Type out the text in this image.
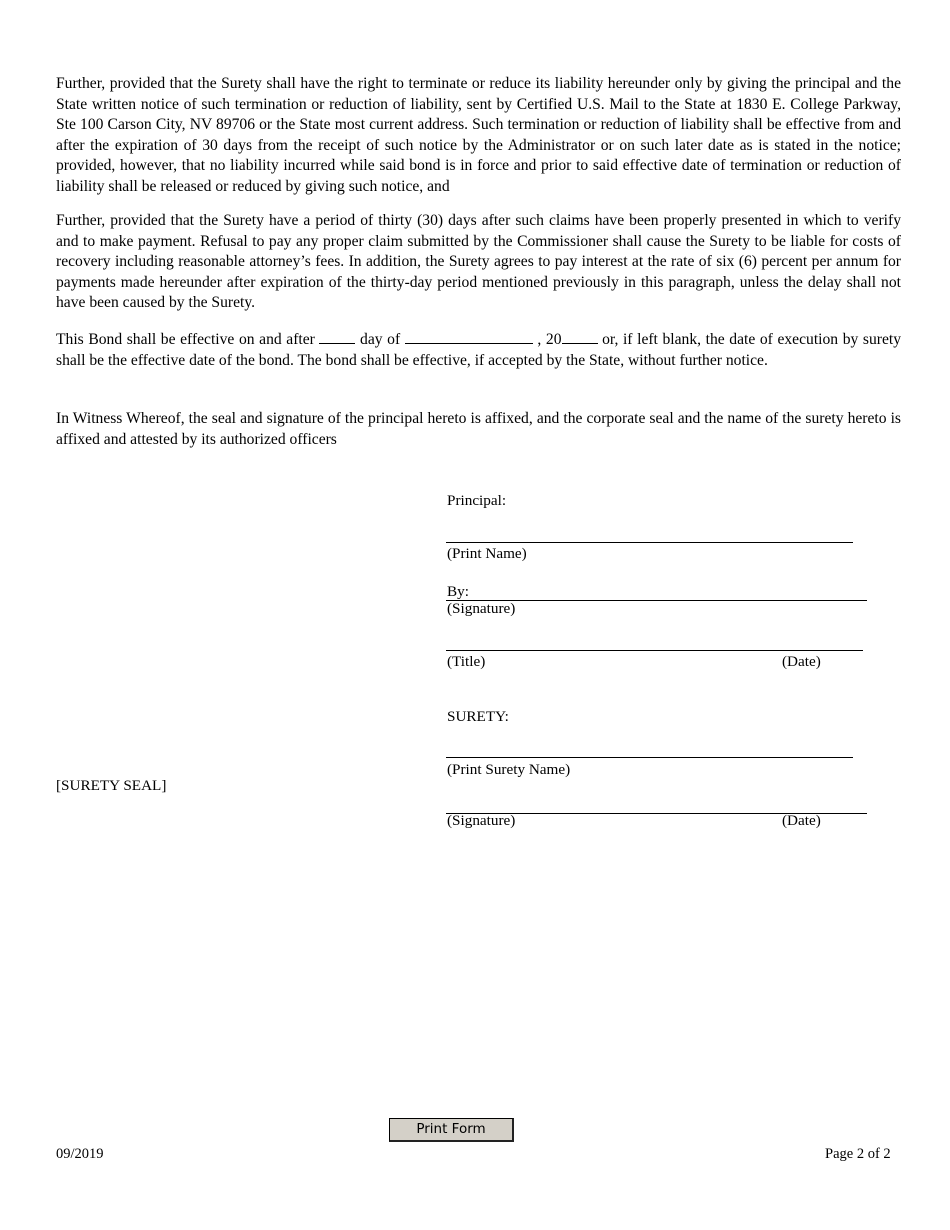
Further, provided that the Surety shall have the right to terminate or reduce its liability hereunder only by giving the principal and the State written notice of such termination or reduction of liability, sent by Certified U.S. Mail to the State at 1830 E. College Parkway, Ste 100 Carson City, NV 89706 or the State most current address. Such termination or reduction of liability shall be effective from and after the expiration of 30 days from the receipt of such notice by the Administrator or on such later date as is stated in the notice; provided, however, that no liability incurred while said bond is in force and prior to said effective date of termination or reduction of liability shall be released or reduced by giving such notice, and

Further, provided that the Surety have a period of thirty (30) days after such claims have been properly presented in which to verify and to make payment. Refusal to pay any proper claim submitted by the Commissioner shall cause the Surety to be liable for costs of recovery including reasonable attorney’s fees. In addition, the Surety agrees to pay interest at the rate of six (6) percent per annum for payments made hereunder after expiration of the thirty-day period mentioned previously in this paragraph, unless the delay shall not have been caused by the Surety.

This Bond shall be effective on and after  day of	, 20 or, if left blank, the date of execution by surety shall be the effective date of the bond. The bond shall be effective, if accepted by the State, without further notice.

In Witness Whereof, the seal and signature of the principal hereto is affixed, and the corporate seal and the name of the surety hereto is affixed and attested by its authorized officers

Principal:
(Print Name)
By:
(Signature)
(Title)	(Date)
SURETY:
(Print Surety Name)
[SURETY SEAL]
(Signature)	(Date)
Print Form
09/2019	Page 2 of 2
